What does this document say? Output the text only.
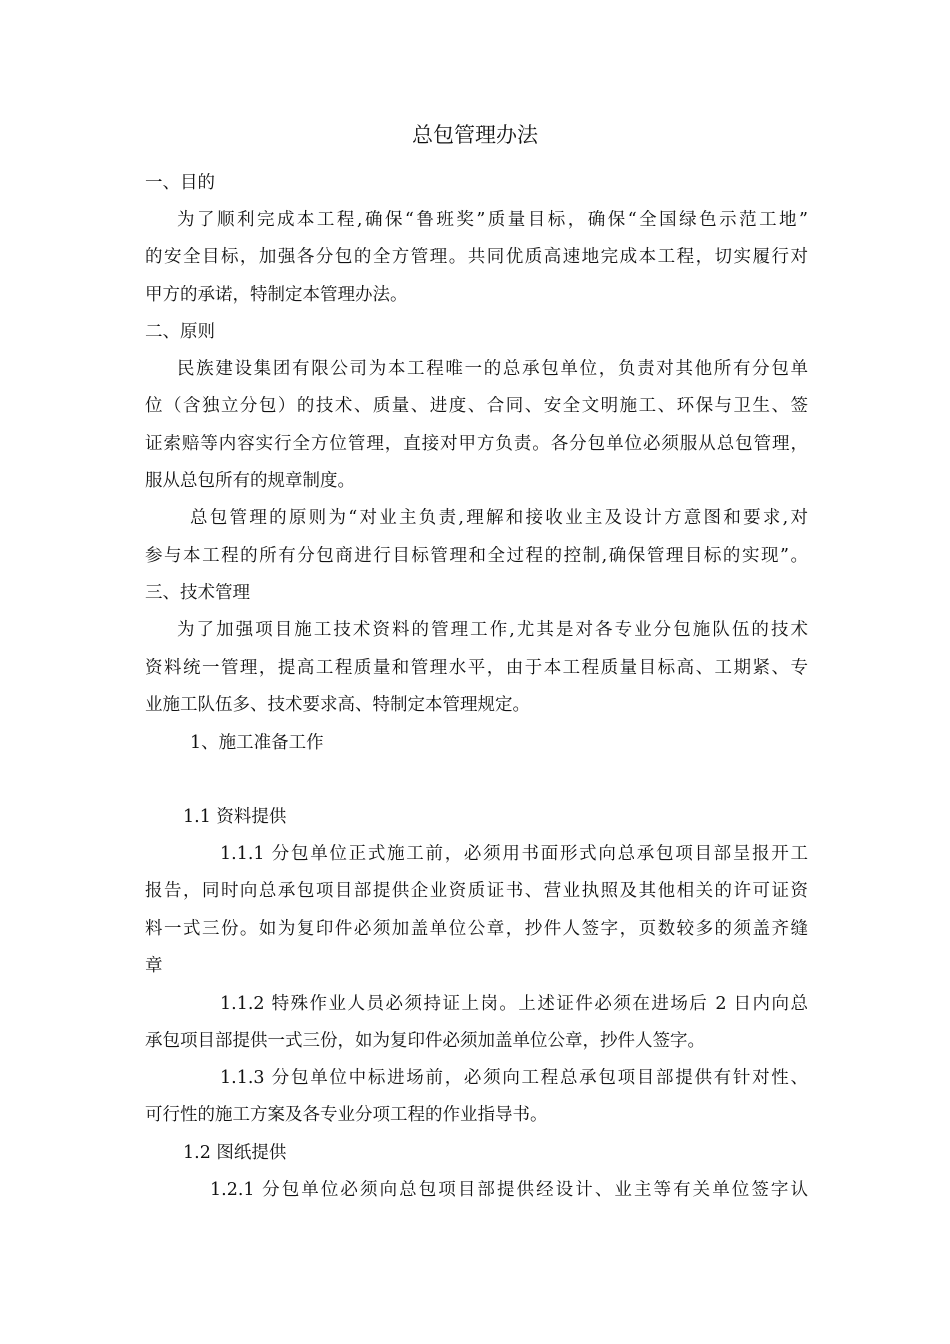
总包管理办法
一、目的
为了顺利完成本工程,确保“鲁班奖”质量目标，确保“全国绿色示范工地”
的安全目标，加强各分包的全方管理。共同优质高速地完成本工程，切实履行对
甲方的承诺，特制定本管理办法。
二、原则
民族建设集团有限公司为本工程唯一的总承包单位，负责对其他所有分包单
位（含独立分包）的技术、质量、进度、合同、安全文明施工、环保与卫生、签
证索赔等内容实行全方位管理，直接对甲方负责。各分包单位必须服从总包管理，
服从总包所有的规章制度。
总包管理的原则为“对业主负责,理解和接收业主及设计方意图和要求,对
参与本工程的所有分包商进行目标管理和全过程的控制,确保管理目标的实现”。
三、技术管理
为了加强项目施工技术资料的管理工作,尤其是对各专业分包施队伍的技术
资料统一管理，提高工程质量和管理水平，由于本工程质量目标高、工期紧、专
业施工队伍多、技术要求高、特制定本管理规定。
1、施工准备工作
1.1 资料提供
1.1.1 分包单位正式施工前，必须用书面形式向总承包项目部呈报开工
报告，同时向总承包项目部提供企业资质证书、营业执照及其他相关的许可证资
料一式三份。如为复印件必须加盖单位公章，抄件人签字，页数较多的须盖齐缝
章
1.1.2 特殊作业人员必须持证上岗。上述证件必须在进场后 2 日内向总
承包项目部提供一式三份，如为复印件必须加盖单位公章，抄件人签字。
1.1.3 分包单位中标进场前，必须向工程总承包项目部提供有针对性、
可行性的施工方案及各专业分项工程的作业指导书。
1.2 图纸提供
1.2.1 分包单位必须向总包项目部提供经设计、业主等有关单位签字认
